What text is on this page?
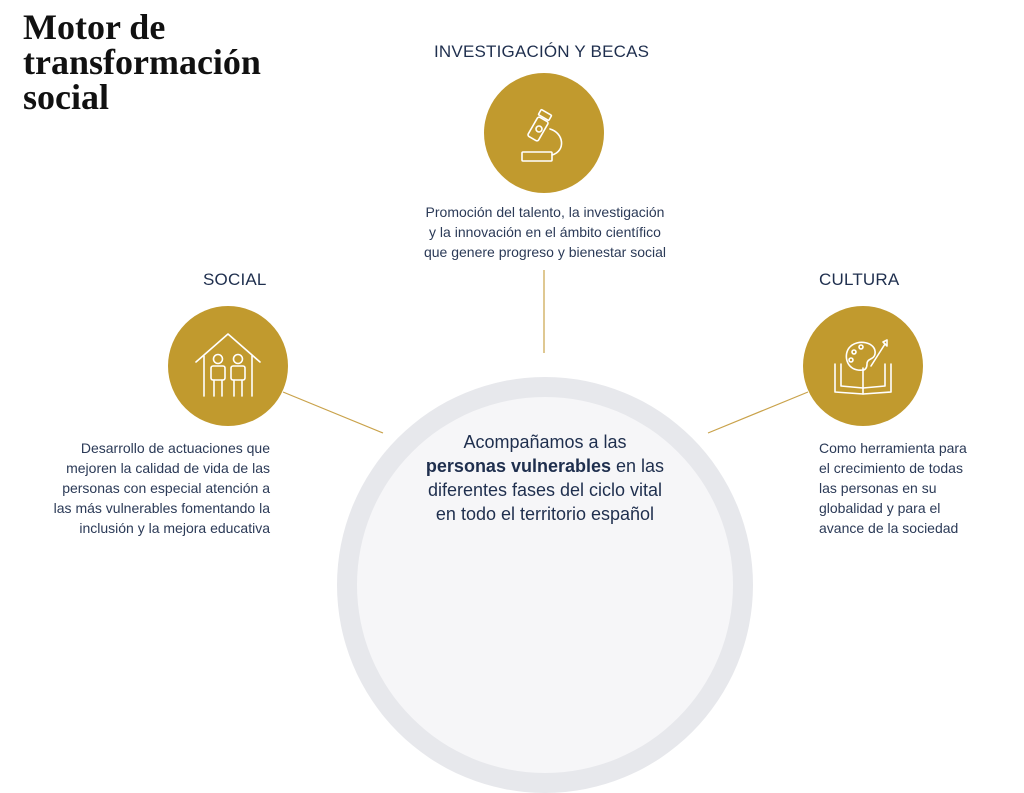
Motor de
transformación
social
Acompañamos a las
personas vulnerables en las
diferentes fases del ciclo vital
en todo el territorio español
INVESTIGACIÓN Y BECAS
Promoción del talento, la investigación
y la innovación en el ámbito científico
que genere progreso y bienestar social
SOCIAL
Desarrollo de actuaciones que
mejoren la calidad de vida de las
personas con especial atención a
las más vulnerables fomentando la
inclusión y la mejora educativa
CULTURA
Como herramienta para
el crecimiento de todas
las personas en su
globalidad y para el
avance de la sociedad
